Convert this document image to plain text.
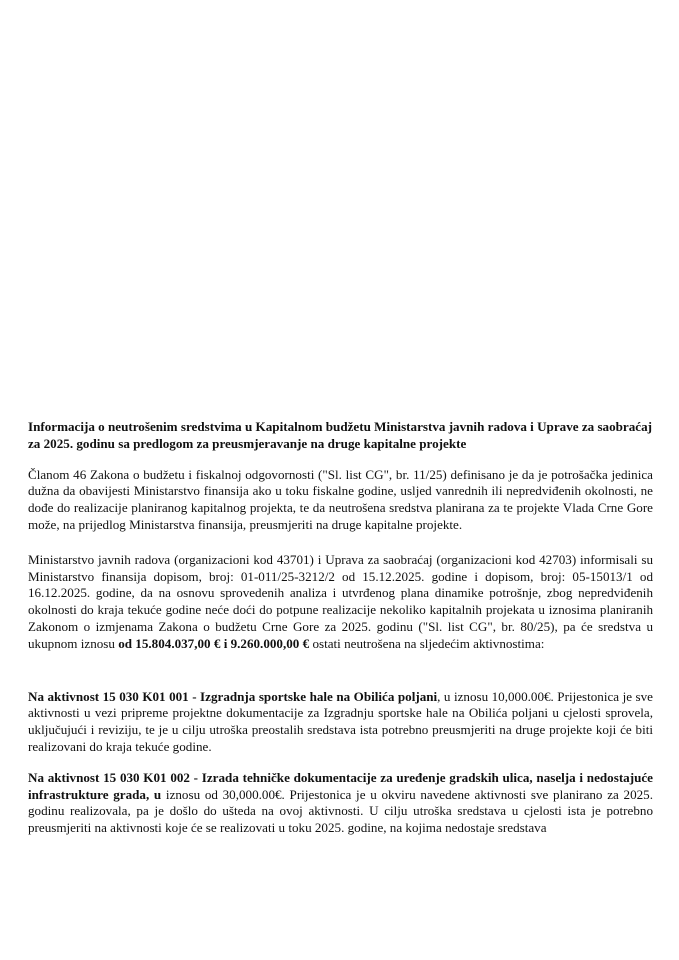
Informacija o neutrošenim sredstvima u Kapitalnom budžetu Ministarstva javnih radova i Uprave za saobraćaj za 2025. godinu sa predlogom za preusmjeravanje na druge kapitalne projekte

Članom 46 Zakona o budžetu i fiskalnoj odgovornosti ("Sl. list CG", br. 11/25) definisano je da je potrošačka jedinica dužna da obavijesti Ministarstvo finansija ako u toku fiskalne godine, usljed vanrednih ili nepredviđenih okolnosti, ne dođe do realizacije planiranog kapitalnog projekta, te da neutrošena sredstva planirana za te projekte Vlada Crne Gore može, na prijedlog Ministarstva finansija, preusmjeriti na druge kapitalne projekte.

Ministarstvo javnih radova (organizacioni kod 43701) i Uprava za saobraćaj (organizacioni kod 42703) informisali su Ministarstvo finansija dopisom, broj: 01-011/25-3212/2 od 15.12.2025. godine i dopisom, broj: 05-15013/1 od 16.12.2025. godine, da na osnovu sprovedenih analiza i utvrđenog plana dinamike potrošnje, zbog nepredviđenih okolnosti do kraja tekuće godine neće doći do potpune realizacije nekoliko kapitalnih projekata u iznosima planiranih Zakonom o izmjenama Zakona o budžetu Crne Gore za 2025. godinu ("Sl. list CG", br. 80/25), pa će sredstva u ukupnom iznosu od 15.804.037,00 € i 9.260.000,00 € ostati neutrošena na sljedećim aktivnostima:

Na aktivnost 15 030 K01 001 - Izgradnja sportske hale na Obilića poljani, u iznosu 10,000.00€. Prijestonica je sve aktivnosti u vezi pripreme projektne dokumentacije za Izgradnju sportske hale na Obilića poljani u cjelosti sprovela, uključujući i reviziju, te je u cilju utroška preostalih sredstava ista potrebno preusmjeriti na druge projekte koji će biti realizovani do kraja tekuće godine.

Na aktivnost 15 030 K01 002 - Izrada tehničke dokumentacije za uređenje gradskih ulica, naselja i nedostajuće infrastrukture grada, u iznosu od 30,000.00€. Prijestonica je u okviru navedene aktivnosti sve planirano za 2025. godinu realizovala, pa je došlo do ušteda na ovoj aktivnosti. U cilju utroška sredstava u cjelosti ista je potrebno preusmjeriti na aktivnosti koje će se realizovati u toku 2025. godine, na kojima nedostaje sredstava
